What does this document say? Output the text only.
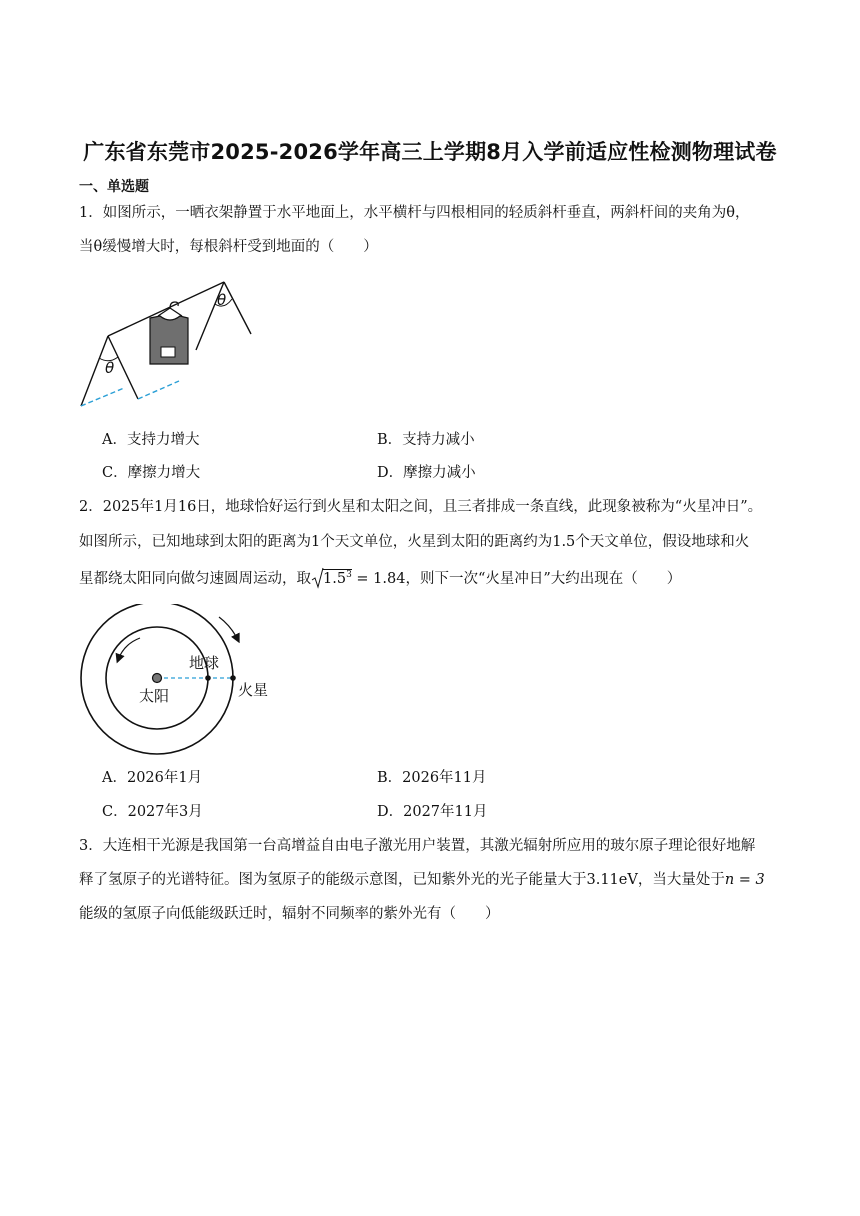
广东省东莞市2025-2026学年高三上学期8月入学前适应性检测物理试卷
一、单选题
1．如图所示，一晒衣架静置于水平地面上，水平横杆与四根相同的轻质斜杆垂直，两斜杆间的夹角为θ，
当θ缓慢增大时，每根斜杆受到地面的（　　）
θ
θ
A．支持力增大	B．支持力减小
C．摩擦力增大	D．摩擦力减小
2．2025年1月16日，地球恰好运行到火星和太阳之间，且三者排成一条直线，此现象被称为“火星冲日”。
如图所示，已知地球到太阳的距离为1个天文单位，火星到太阳的距离约为1.5个天文单位，假设地球和火
星都绕太阳同向做匀速圆周运动，取 $1.5^3 = 1.84$，则下一次“火星冲日”大约出现在（　　）
地球
太阳	火星
A．2026年1月	B．2026年11月
C．2027年3月	D．2027年11月
3．大连相干光源是我国第一台高增益自由电子激光用户装置，其激光辐射所应用的玻尔原子理论很好地解
释了氢原子的光谱特征。图为氢原子的能级示意图，已知紫外光的光子能量大于3.11eV，当大量处于n = 3
能级的氢原子向低能级跃迁时，辐射不同频率的紫外光有（　　）
